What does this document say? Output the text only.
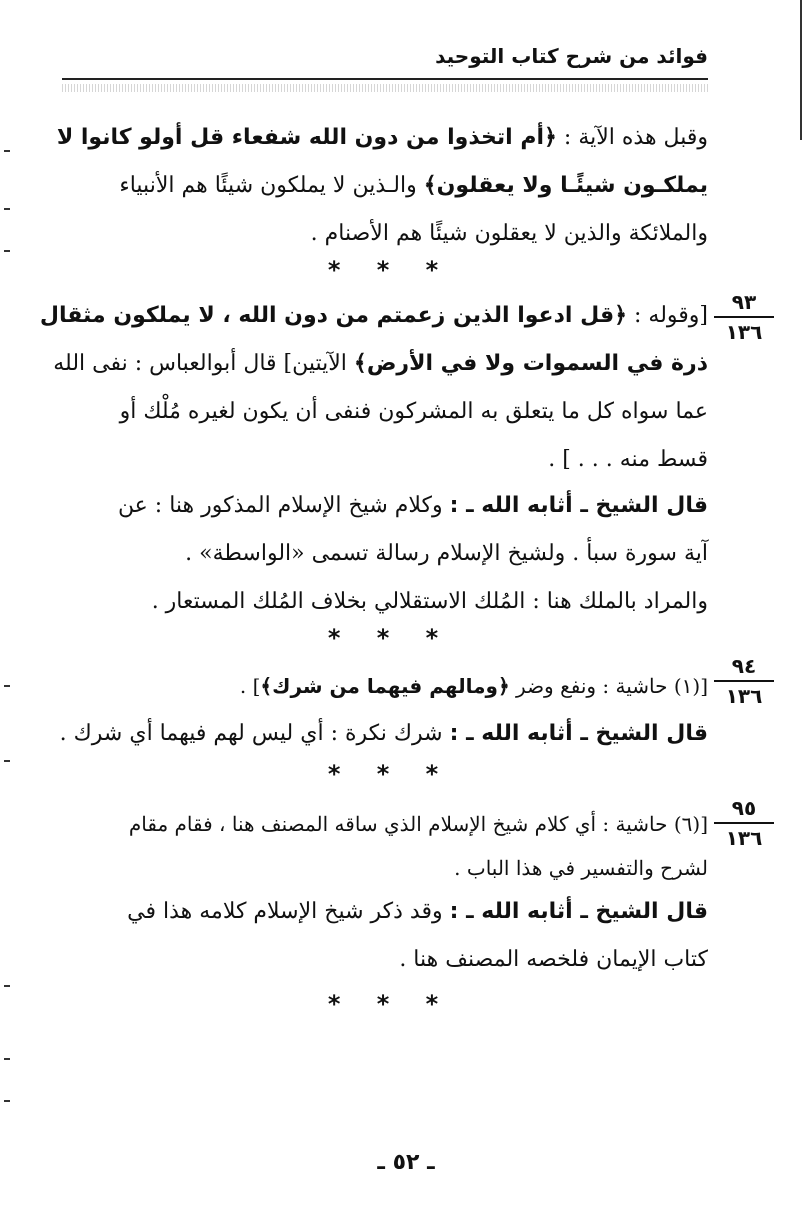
فوائد من شرح كتاب التوحيد
وقبل هذه الآية : ﴿أم اتخذوا من دون الله شفعاء قل أولو كانوا لا
يملكـون شيئًـا ولا يعقلون﴾ والـذين لا يملكون شيئًا هم الأنبياء
والملائكة والذين لا يعقلون شيئًا هم الأصنام .
* * *
٩٣
١٣٦
[وقوله : ﴿قل ادعوا الذين زعمتم من دون الله ، لا يملكون مثقال
ذرة في السموات ولا في الأرض﴾ الآيتين] قال أبوالعباس : نفى الله
عما سواه كل ما يتعلق به المشركون فنفى أن يكون لغيره مُلْك أو
قسط منه . . . ] .
قال الشيخ ـ أثابه الله ـ : وكلام شيخ الإسلام المذكور هنا : عن
آية سورة سبأ . ولشيخ الإسلام رسالة تسمى «الواسطة» .
والمراد بالملك هنا : المُلك الاستقلالي بخلاف المُلك المستعار .
* * *
٩٤
١٣٦
[(١) حاشية : ونفع وضر ﴿ومالهم فيهما من شرك﴾] .
قال الشيخ ـ أثابه الله ـ : شرك نكرة : أي ليس لهم فيهما أي شرك .
* * *
٩٥
١٣٦
[(٦) حاشية : أي كلام شيخ الإسلام الذي ساقه المصنف هنا ، فقام مقام
لشرح والتفسير في هذا الباب .
قال الشيخ ـ أثابه الله ـ : وقد ذكر شيخ الإسلام كلامه هذا في
كتاب الإيمان فلخصه المصنف هنا .
* * *
ـ ٥٢ ـ
